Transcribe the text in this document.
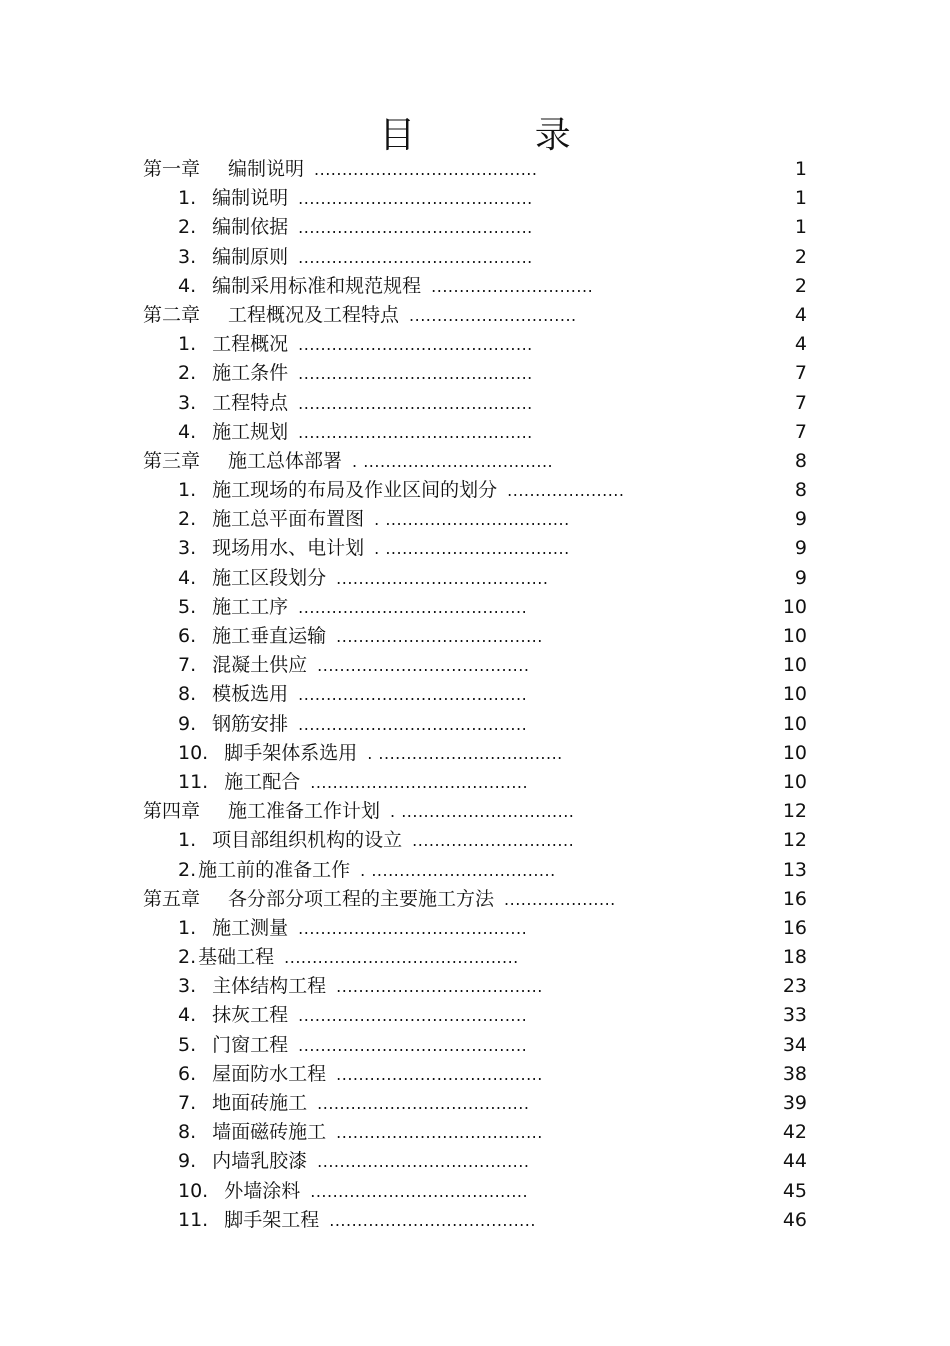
目 录
第一章 编制说明 ........................................	1
1. 编制说明 ..........................................	1
2. 编制依据 ..........................................	1
3. 编制原则 ..........................................	2
4. 编制采用标准和规范规程 .............................	2
第二章 工程概况及工程特点 ..............................	4
1. 工程概况 ..........................................	4
2. 施工条件 ..........................................	7
3. 工程特点 ..........................................	7
4. 施工规划 ..........................................	7
第三章 施工总体部署 . ..................................	8
1. 施工现场的布局及作业区间的划分 .....................	8
2. 施工总平面布置图 . .................................	9
3. 现场用水、电计划 . .................................	9
4. 施工区段划分 ......................................	9
5. 施工工序 .........................................	10
6. 施工垂直运输 .....................................	10
7. 混凝土供应 ......................................	10
8. 模板选用 .........................................	10
9. 钢筋安排 .........................................	10
10. 脚手架体系选用 . .................................	10
11. 施工配合 .......................................	10
第四章 施工准备工作计划 . ...............................	12
1. 项目部组织机构的设立 .............................	12
2. 施工前的准备工作 . .................................	13
第五章 各分部分项工程的主要施工方法 ....................	16
1. 施工测量 .........................................	16
2. 基础工程 ..........................................	18
3. 主体结构工程 .....................................	23
4. 抹灰工程 .........................................	33
5. 门窗工程 .........................................	34
6. 屋面防水工程 .....................................	38
7. 地面砖施工 ......................................	39
8. 墙面磁砖施工 .....................................	42
9. 内墙乳胶漆 ......................................	44
10. 外墙涂料 .......................................	45
11. 脚手架工程 .....................................	46
